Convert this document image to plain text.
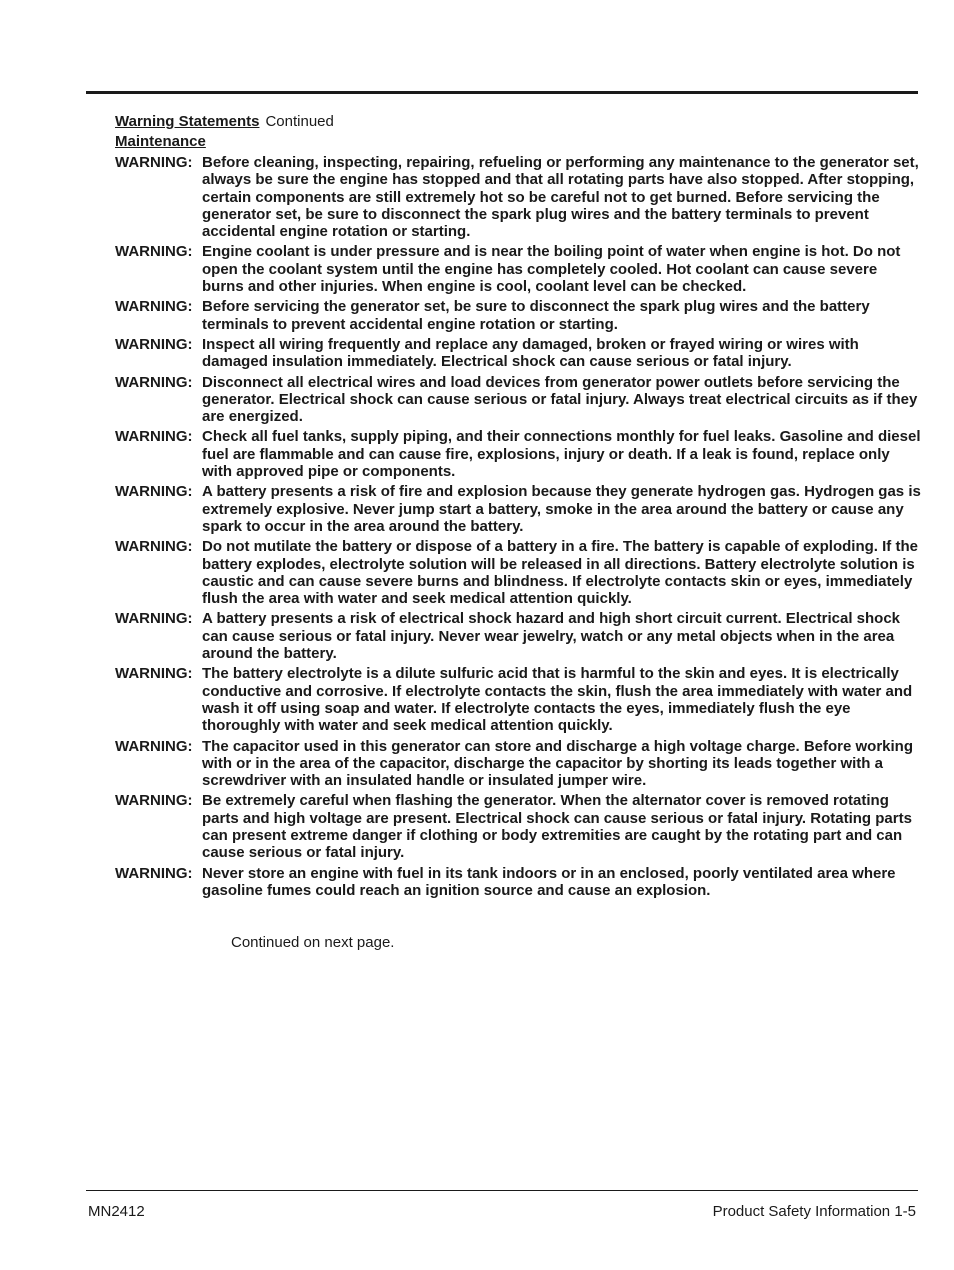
Warning Statements Continued
Maintenance
WARNING: Before cleaning, inspecting, repairing, refueling or performing any maintenance to the generator set, always be sure the engine has stopped and that all rotating parts have also stopped. After stopping, certain components are still extremely hot so be careful not to get burned. Before servicing the generator set, be sure to disconnect the spark plug wires and the battery terminals to prevent accidental engine rotation or starting.
WARNING: Engine coolant is under pressure and is near the boiling point of water when engine is hot. Do not open the coolant system until the engine has completely cooled. Hot coolant can cause severe burns and other injuries. When engine is cool, coolant level can be checked.
WARNING: Before servicing the generator set, be sure to disconnect the spark plug wires and the battery terminals to prevent accidental engine rotation or starting.
WARNING: Inspect all wiring frequently and replace any damaged, broken or frayed wiring or wires with damaged insulation immediately. Electrical shock can cause serious or fatal injury.
WARNING: Disconnect all electrical wires and load devices from generator power outlets before servicing the generator. Electrical shock can cause serious or fatal injury. Always treat electrical circuits as if they are energized.
WARNING: Check all fuel tanks, supply piping, and their connections monthly for fuel leaks. Gasoline and diesel fuel are flammable and can cause fire, explosions, injury or death. If a leak is found, replace only with approved pipe or components.
WARNING: A battery presents a risk of fire and explosion because they generate hydrogen gas. Hydrogen gas is extremely explosive. Never jump start a battery, smoke in the area around the battery or cause any spark to occur in the area around the battery.
WARNING: Do not mutilate the battery or dispose of a battery in a fire. The battery is capable of exploding. If the battery explodes, electrolyte solution will be released in all directions. Battery electrolyte solution is caustic and can cause severe burns and blindness. If electrolyte contacts skin or eyes, immediately flush the area with water and seek medical attention quickly.
WARNING: A battery presents a risk of electrical shock hazard and high short circuit current. Electrical shock can cause serious or fatal injury. Never wear jewelry, watch or any metal objects when in the area around the battery.
WARNING: The battery electrolyte is a dilute sulfuric acid that is harmful to the skin and eyes. It is electrically conductive and corrosive. If electrolyte contacts the skin, flush the area immediately with water and wash it off using soap and water. If electrolyte contacts the eyes, immediately flush the eye thoroughly with water and seek medical attention quickly.
WARNING: The capacitor used in this generator can store and discharge a high voltage charge. Before working with or in the area of the capacitor, discharge the capacitor by shorting its leads together with a screwdriver with an insulated handle or insulated jumper wire.
WARNING: Be extremely careful when flashing the generator. When the alternator cover is removed rotating parts and high voltage are present. Electrical shock can cause serious or fatal injury. Rotating parts can present extreme danger if clothing or body extremities are caught by the rotating part and can cause serious or fatal injury.
WARNING: Never store an engine with fuel in its tank indoors or in an enclosed, poorly ventilated area where gasoline fumes could reach an ignition source and cause an explosion.
Continued on next page.
MN2412	Product Safety Information 1-5
